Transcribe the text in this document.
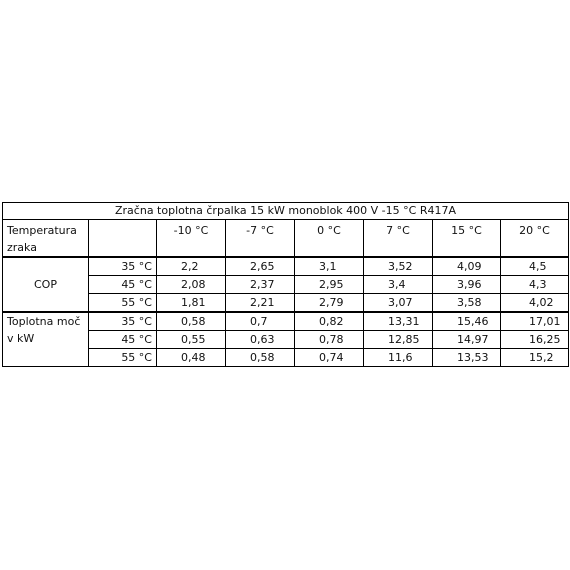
Zračna toplotna črpalka 15 kW monoblok 400 V -15 °C R417A							
Temperatura zraka		-10 °C	-7 °C	0 °C	7 °C	15 °C	20 °C
COP	35 °C	2,2	2,65	3,1	3,52	4,09	4,5
	45 °C	2,08	2,37	2,95	3,4	3,96	4,3
	55 °C	1,81	2,21	2,79	3,07	3,58	4,02
Toplotna moč v kW	35 °C	0,58	0,7	0,82	13,31	15,46	17,01
	45 °C	0,55	0,63	0,78	12,85	14,97	16,25
	55 °C	0,48	0,58	0,74	11,6	13,53	15,2
